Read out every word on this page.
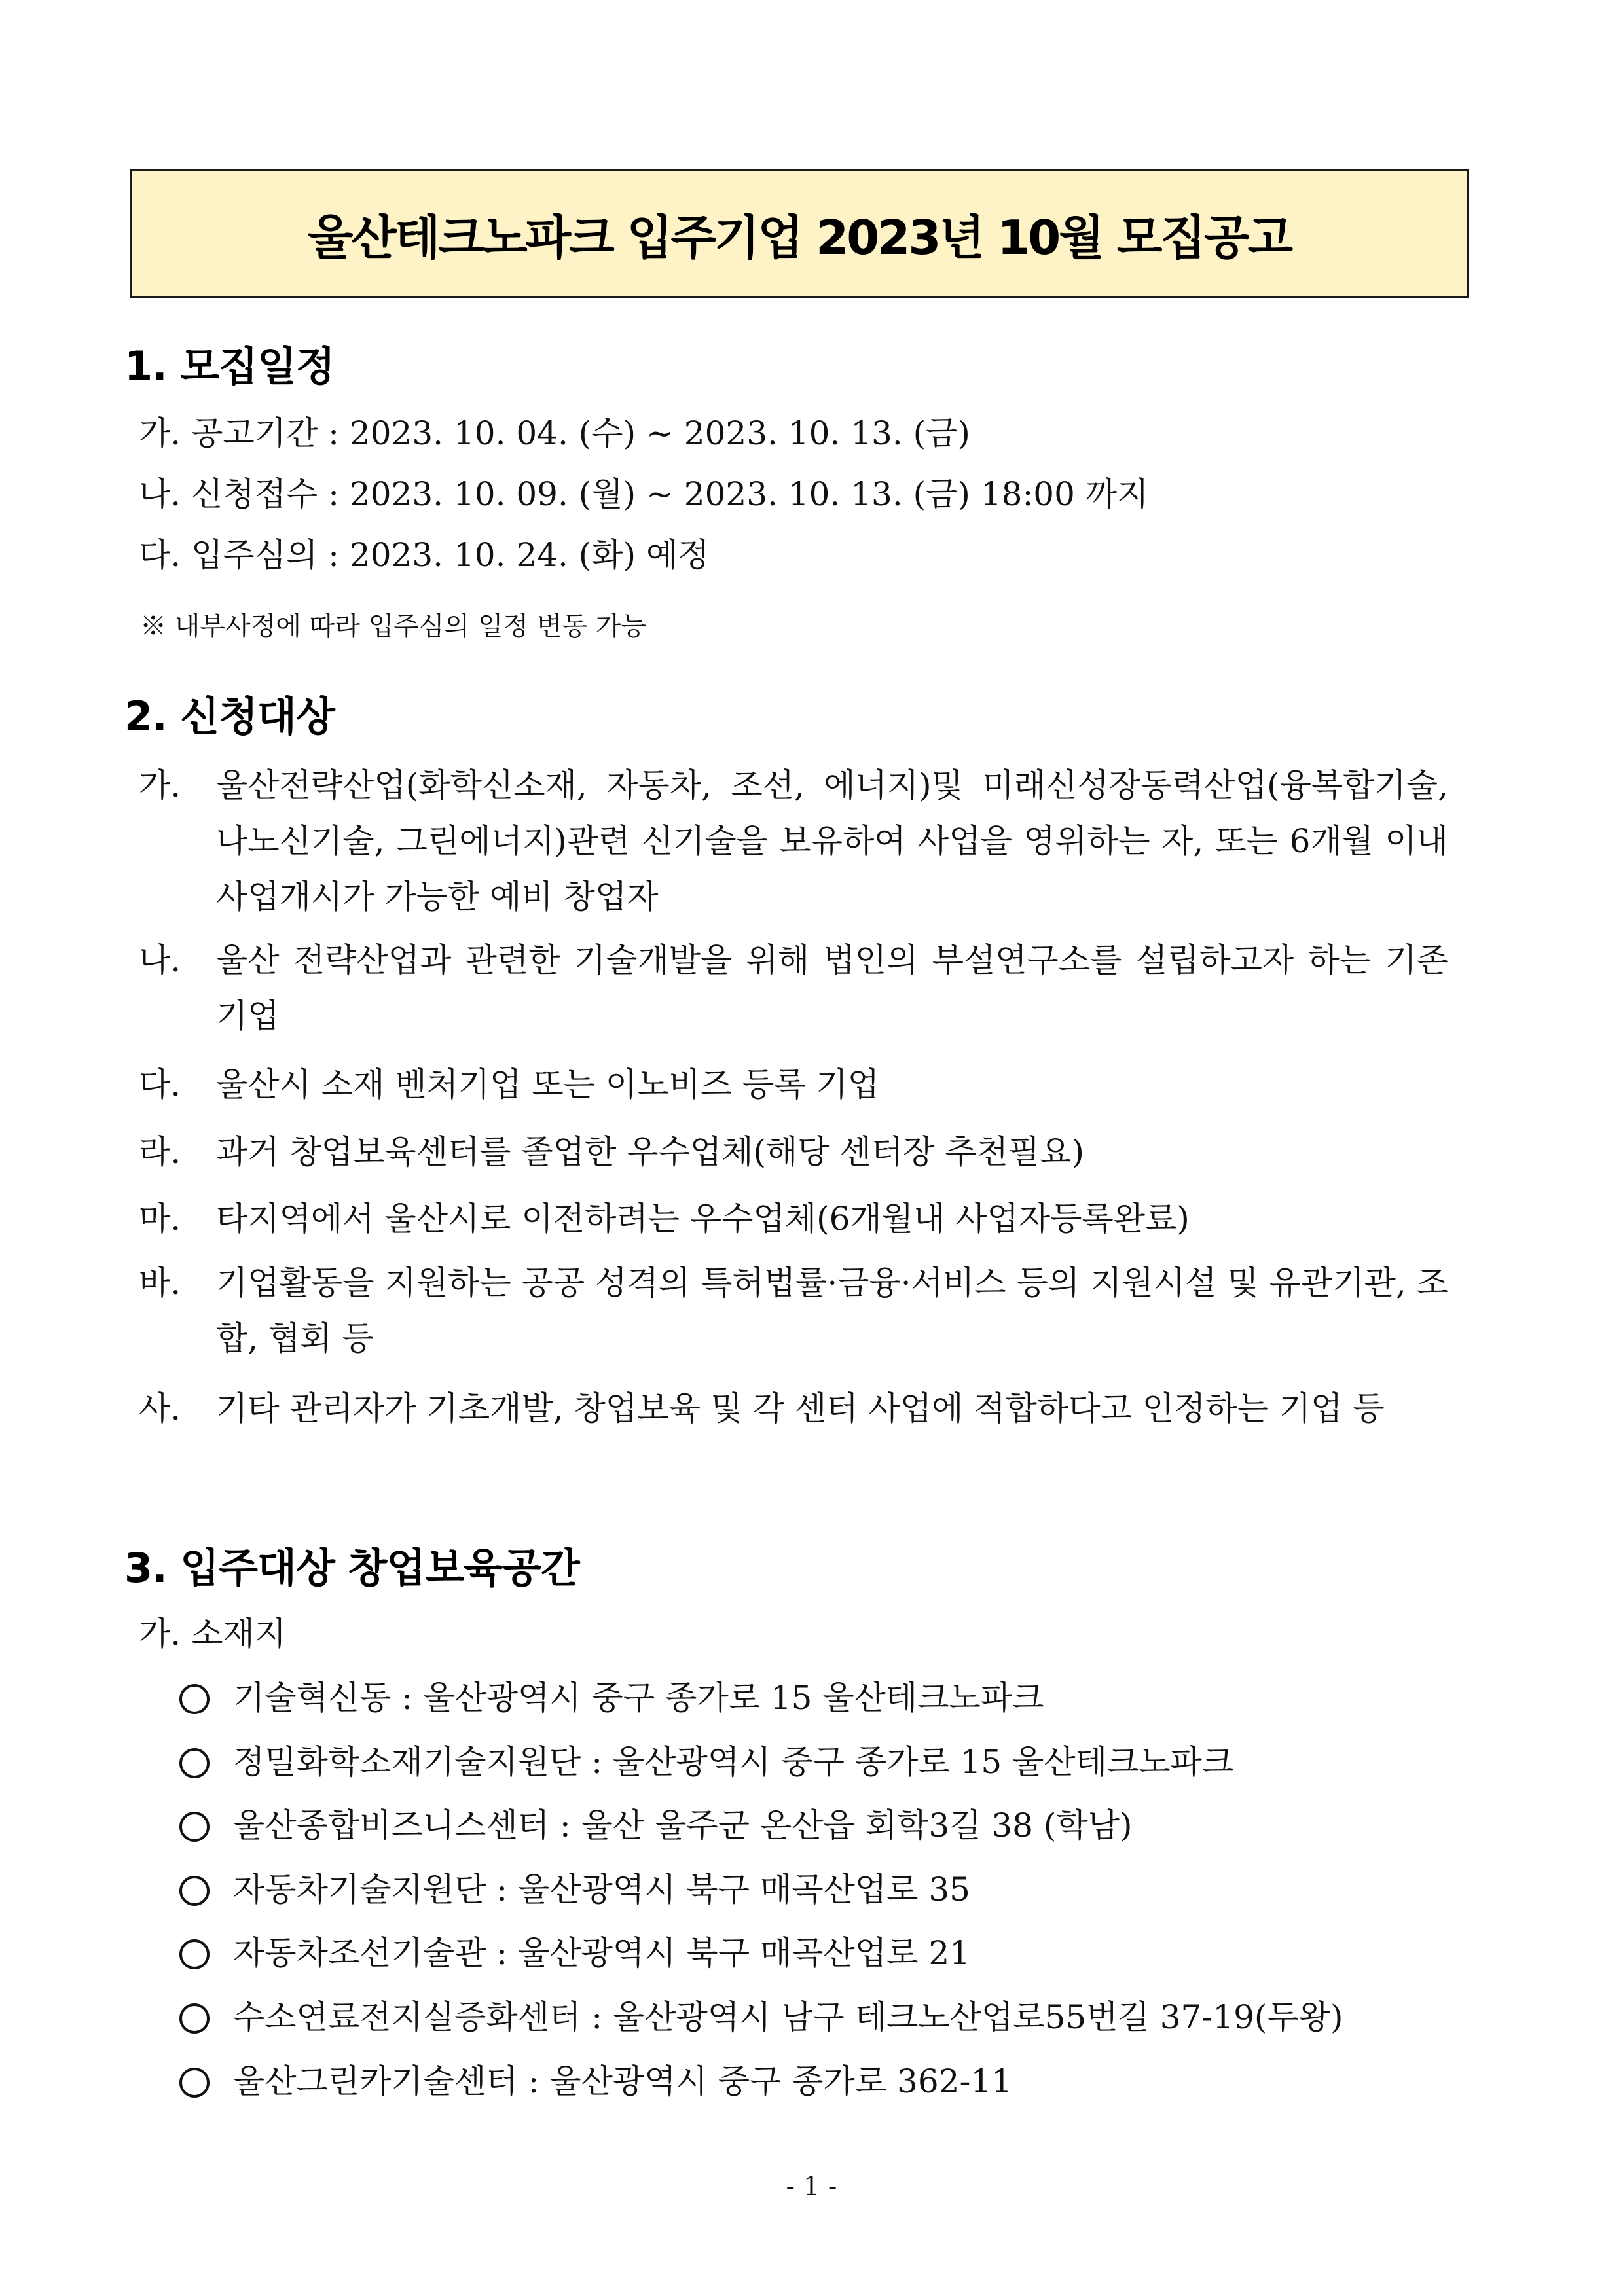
울산테크노파크 입주기업 2023년 10월 모집공고
1. 모집일정
가. 공고기간 : 2023. 10. 04. (수) ~ 2023. 10. 13. (금)
나. 신청접수 : 2023. 10. 09. (월) ~ 2023. 10. 13. (금) 18:00 까지
다. 입주심의 : 2023. 10. 24. (화) 예정
※ 내부사정에 따라 입주심의 일정 변동 가능
2. 신청대상
가. 울산전략산업(화학신소재, 자동차, 조선, 에너지)및 미래신성장동력산업(융복합기술, 나노신기술, 그린에너지)관련 신기술을 보유하여 사업을 영위하는 자, 또는 6개월 이내 사업개시가 가능한 예비 창업자
나. 울산 전략산업과 관련한 기술개발을 위해 법인의 부설연구소를 설립하고자 하는 기존 기업
다. 울산시 소재 벤처기업 또는 이노비즈 등록 기업
라. 과거 창업보육센터를 졸업한 우수업체(해당 센터장 추천필요)
마. 타지역에서 울산시로 이전하려는 우수업체(6개월내 사업자등록완료)
바. 기업활동을 지원하는 공공 성격의 특허법률·금융·서비스 등의 지원시설 및 유관기관, 조합, 협회 등
사. 기타 관리자가 기초개발, 창업보육 및 각 센터 사업에 적합하다고 인정하는 기업 등
3. 입주대상 창업보육공간
가. 소재지
기술혁신동 : 울산광역시 중구 종가로 15 울산테크노파크
정밀화학소재기술지원단 : 울산광역시 중구 종가로 15 울산테크노파크
울산종합비즈니스센터 : 울산 울주군 온산읍 회학3길 38 (학남)
자동차기술지원단 : 울산광역시 북구 매곡산업로 35
자동차조선기술관 : 울산광역시 북구 매곡산업로 21
수소연료전지실증화센터 : 울산광역시 남구 테크노산업로55번길 37-19(두왕)
울산그린카기술센터 : 울산광역시 중구 종가로 362-11
- 1 -
